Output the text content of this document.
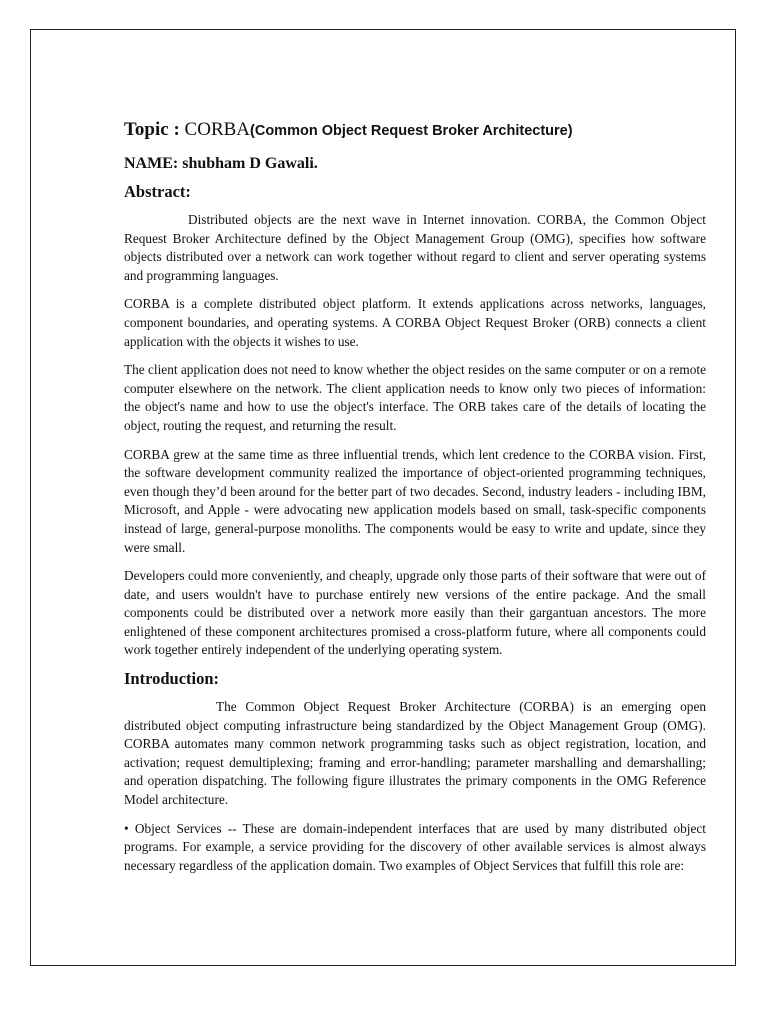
Topic : CORBA(Common Object Request Broker Architecture)
NAME: shubham D Gawali.
Abstract:

Distributed objects are the next wave in Internet innovation. CORBA, the Common Object Request Broker Architecture defined by the Object Management Group (OMG), specifies how software objects distributed over a network can work together without regard to client and server operating systems and programming languages.

CORBA is a complete distributed object platform. It extends applications across networks, languages, component boundaries, and operating systems. A CORBA Object Request Broker (ORB) connects a client application with the objects it wishes to use.

The client application does not need to know whether the object resides on the same computer or on a remote computer elsewhere on the network. The client application needs to know only two pieces of information: the object's name and how to use the object's interface. The ORB takes care of the details of locating the object, routing the request, and returning the result.

CORBA grew at the same time as three influential trends, which lent credence to the CORBA vision. First, the software development community realized the importance of object-oriented programming techniques, even though they’d been around for the better part of two decades. Second, industry leaders - including IBM, Microsoft, and Apple - were advocating new application models based on small, task-specific components instead of large, general-purpose monoliths. The components would be easy to write and update, since they were small.

Developers could more conveniently, and cheaply, upgrade only those parts of their software that were out of date, and users wouldn't have to purchase entirely new versions of the entire package. And the small components could be distributed over a network more easily than their gargantuan ancestors. The more enlightened of these component architectures promised a cross-platform future, where all components could work together entirely independent of the underlying operating system.

Introduction:

The Common Object Request Broker Architecture (CORBA) is an emerging open distributed object computing infrastructure being standardized by the Object Management Group (OMG). CORBA automates many common network programming tasks such as object registration, location, and activation; request demultiplexing; framing and error-handling; parameter marshalling and demarshalling; and operation dispatching. The following figure illustrates the primary components in the OMG Reference Model architecture.

• Object Services -- These are domain-independent interfaces that are used by many distributed object programs. For example, a service providing for the discovery of other available services is almost always necessary regardless of the application domain. Two examples of Object Services that fulfill this role are:
